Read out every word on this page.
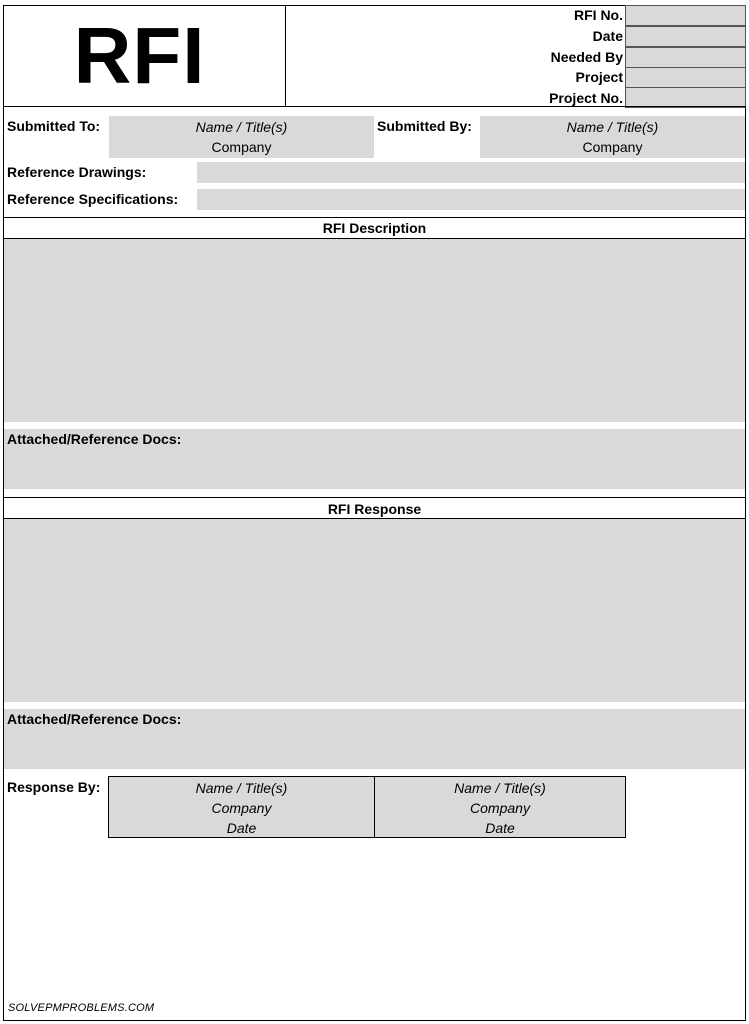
RFI	RFI No.
Date
Needed By
Project
Project No.
Submitted To:	Name / Title(s)
Company
Submitted By:	Name / Title(s)
Company
Reference Drawings:
Reference Specifications:
RFI Description
Attached/Reference Docs:
RFI Response
Attached/Reference Docs:
Response By:	Name / Title(s)
Company
Date
Name / Title(s)
Company
Date
SOLVEPMPROBLEMS.COM
